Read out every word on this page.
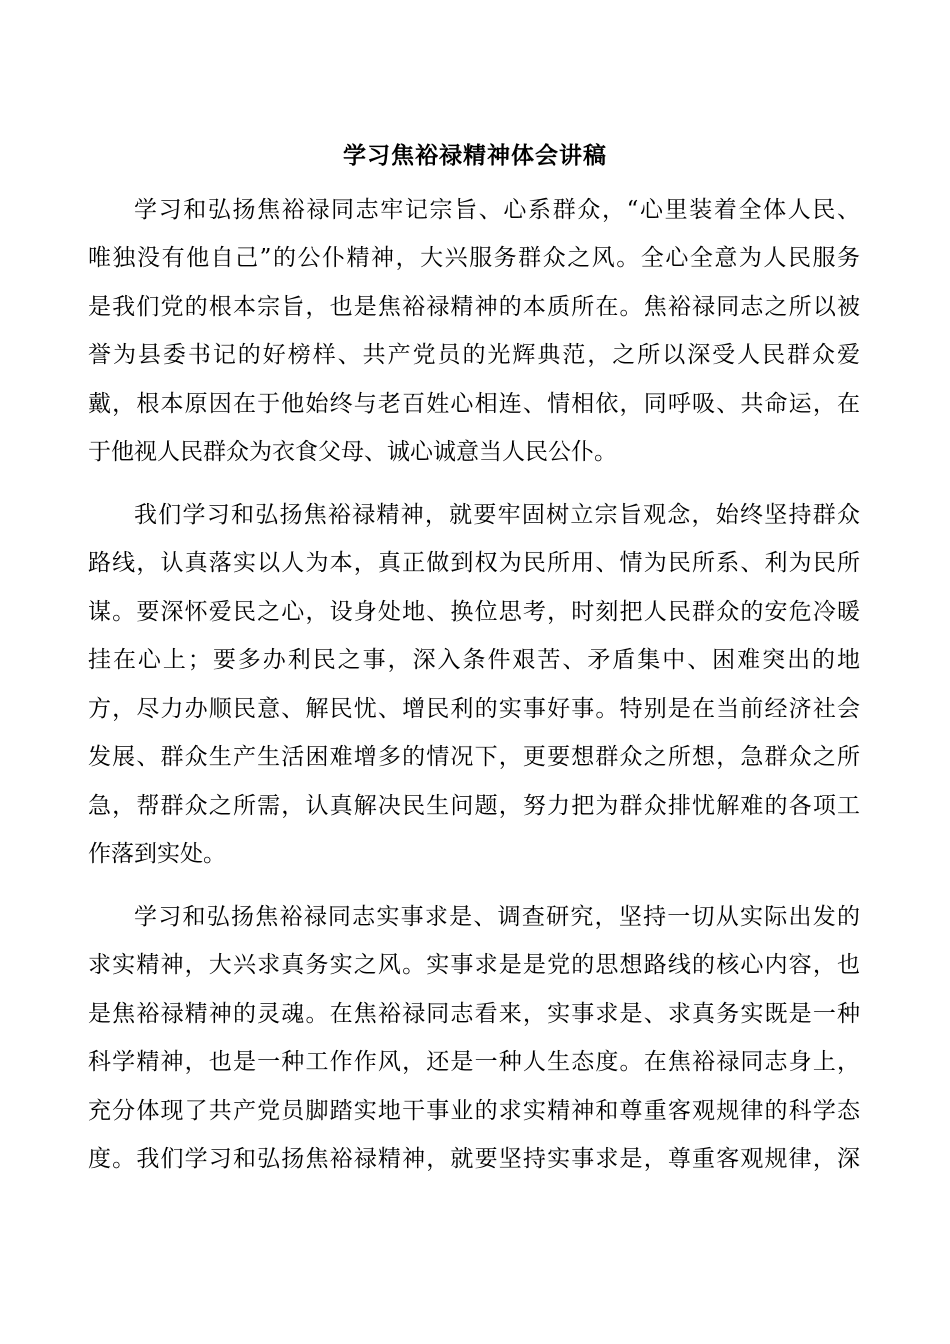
学习焦裕禄精神体会讲稿

学习和弘扬焦裕禄同志牢记宗旨、心系群众，“心里装着全体人民、

唯独没有他自己”的公仆精神，大兴服务群众之风。全心全意为人民服务

是我们党的根本宗旨，也是焦裕禄精神的本质所在。焦裕禄同志之所以被

誉为县委书记的好榜样、共产党员的光辉典范，之所以深受人民群众爱

戴，根本原因在于他始终与老百姓心相连、情相依，同呼吸、共命运，在

于他视人民群众为衣食父母、诚心诚意当人民公仆。

我们学习和弘扬焦裕禄精神，就要牢固树立宗旨观念，始终坚持群众

路线，认真落实以人为本，真正做到权为民所用、情为民所系、利为民所

谋。要深怀爱民之心，设身处地、换位思考，时刻把人民群众的安危冷暖

挂在心上；要多办利民之事，深入条件艰苦、矛盾集中、困难突出的地

方，尽力办顺民意、解民忧、增民利的实事好事。特别是在当前经济社会

发展、群众生产生活困难增多的情况下，更要想群众之所想，急群众之所

急，帮群众之所需，认真解决民生问题，努力把为群众排忧解难的各项工

作落到实处。

学习和弘扬焦裕禄同志实事求是、调查研究，坚持一切从实际出发的

求实精神，大兴求真务实之风。实事求是是党的思想路线的核心内容，也

是焦裕禄精神的灵魂。在焦裕禄同志看来，实事求是、求真务实既是一种

科学精神，也是一种工作作风，还是一种人生态度。在焦裕禄同志身上，

充分体现了共产党员脚踏实地干事业的求实精神和尊重客观规律的科学态

度。我们学习和弘扬焦裕禄精神，就要坚持实事求是，尊重客观规律，深
